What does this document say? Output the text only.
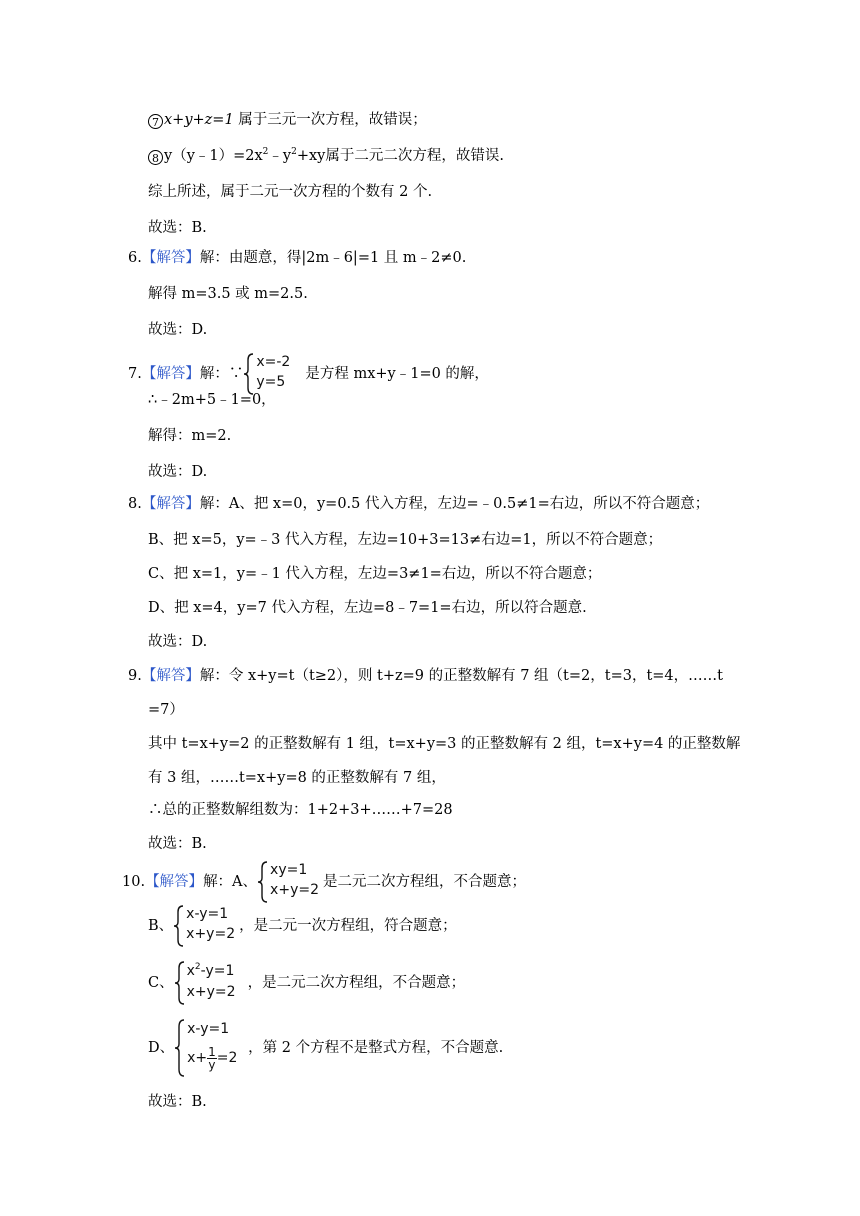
7 x+y+z=1 属于三元一次方程，故错误；
8 $y(y﹣1)=2x^2﹣y^2+xy$属于二元二次方程，故错误.
综上所述，属于二元一次方程的个数有 2 个.
故选：B.
6.【解答】解：由题意，得|2m﹣6|=1 且 m﹣2≠0.
解得 m=3.5 或 m=2.5.
故选：D.
7.【解答】解：∵
x=-2
y=5	是方程 mx+y﹣1=0 的解，
∴﹣2m+5﹣1=0，
解得：m=2.
故选：D.
8.【解答】解：A、把 x=0，y=0.5 代入方程，左边=﹣0.5≠1=右边，所以不符合题意；
B、把 x=5，y=﹣3 代入方程，左边=10+3=13≠右边=1，所以不符合题意；
C、把 x=1，y=﹣1 代入方程，左边=3≠1=右边，所以不符合题意；
D、把 x=4，y=7 代入方程，左边=8﹣7=1=右边，所以符合题意.
故选：D.
9.【解答】解：令 x+y=t（t≥2），则 t+z=9 的正整数解有 7 组（t=2，t=3，t=4，……t
=7）
其中 t=x+y=2 的正整数解有 1 组，t=x+y=3 的正整数解有 2 组，t=x+y=4 的正整数解
有 3 组，……t=x+y=8 的正整数解有 7 组，
∴总的正整数解组数为：1+2+3+……+7=28
故选：B.
10.【解答】解：A、
xy=1
x+y=2 是二元二次方程组，不合题意；
B、
x-y=1
x+y=2 ，是二元一次方程组，符合题意；
C、
$x^2-y=1$
x+y=2
，是二元二次方程组，不合题意；
D、
x-y=1
$x+ \frac{1}{y} =2$
，第 2 个方程不是整式方程，不合题意.
故选：B.
